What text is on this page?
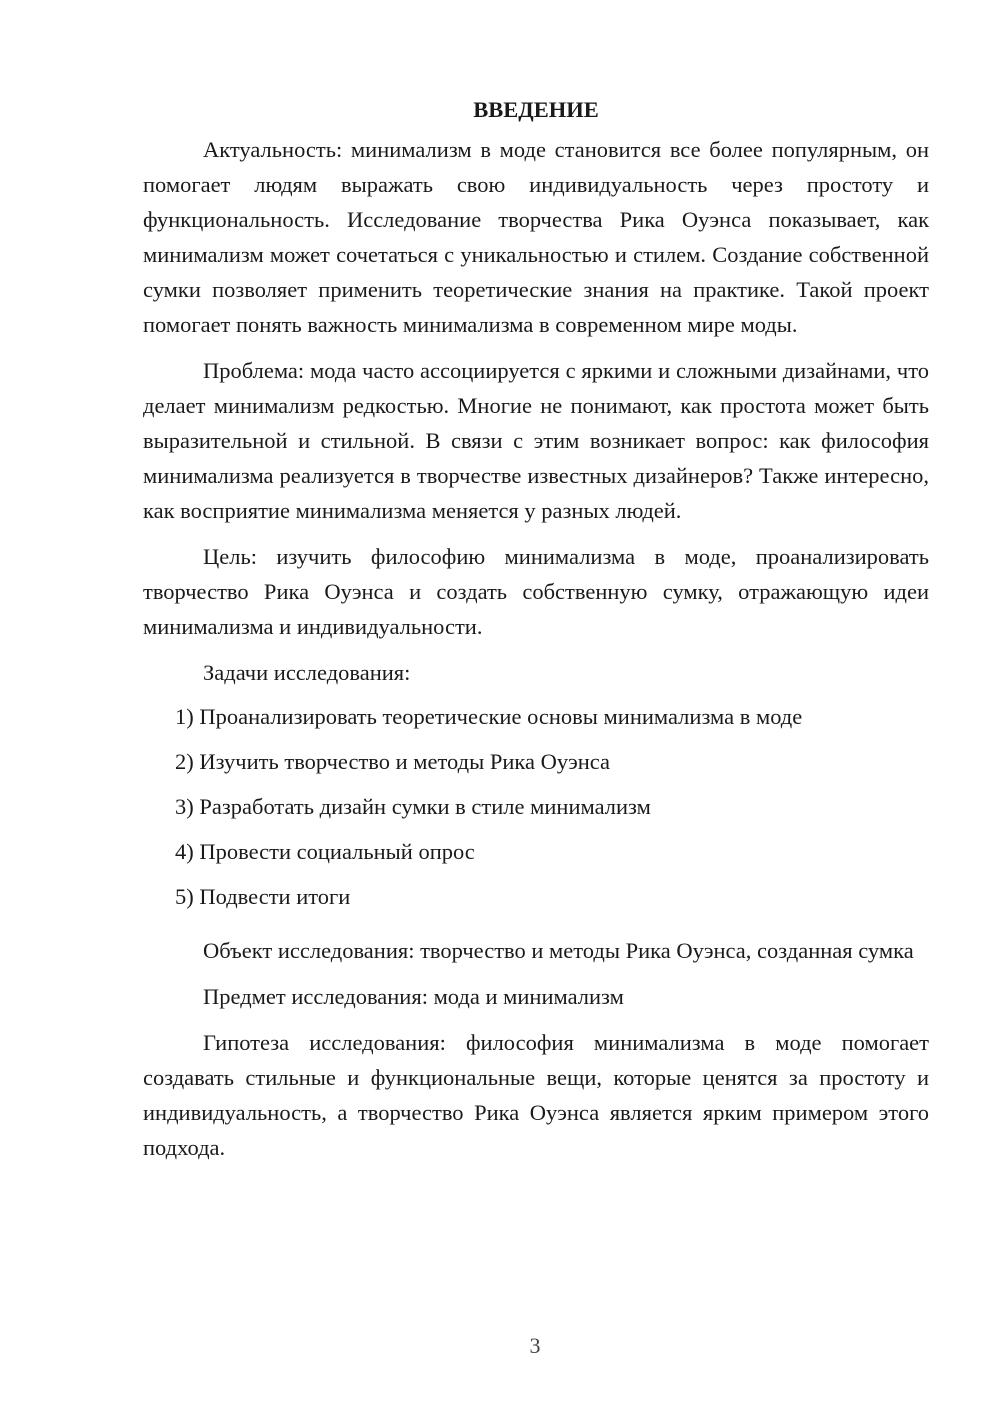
ВВЕДЕНИЕ

Актуальность: минимализм в моде становится все более популярным, он помогает людям выражать свою индивидуальность через простоту и функциональность. Исследование творчества Рика Оуэнса показывает, как минимализм может сочетаться с уникальностью и стилем. Создание собственной сумки позволяет применить теоретические знания на практике. Такой проект помогает понять важность минимализма в современном мире моды.

Проблема: мода часто ассоциируется с яркими и сложными дизайнами, что делает минимализм редкостью. Многие не понимают, как простота может быть выразительной и стильной. В связи с этим возникает вопрос: как философия минимализма реализуется в творчестве известных дизайнеров? Также интересно, как восприятие минимализма меняется у разных людей.

Цель: изучить философию минимализма в моде, проанализировать творчество Рика Оуэнса и создать собственную сумку, отражающую идеи минимализма и индивидуальности.

Задачи исследования:
1) Проанализировать теоретические основы минимализма в моде
2) Изучить творчество и методы Рика Оуэнса
3) Разработать дизайн сумки в стиле минимализм
4) Провести социальный опрос
5) Подвести итоги

Объект исследования: творчество и методы Рика Оуэнса, созданная сумка

Предмет исследования: мода и минимализм

Гипотеза исследования: философия минимализма в моде помогает создавать стильные и функциональные вещи, которые ценятся за простоту и индивидуальность, а творчество Рика Оуэнса является ярким примером этого подхода.

3
